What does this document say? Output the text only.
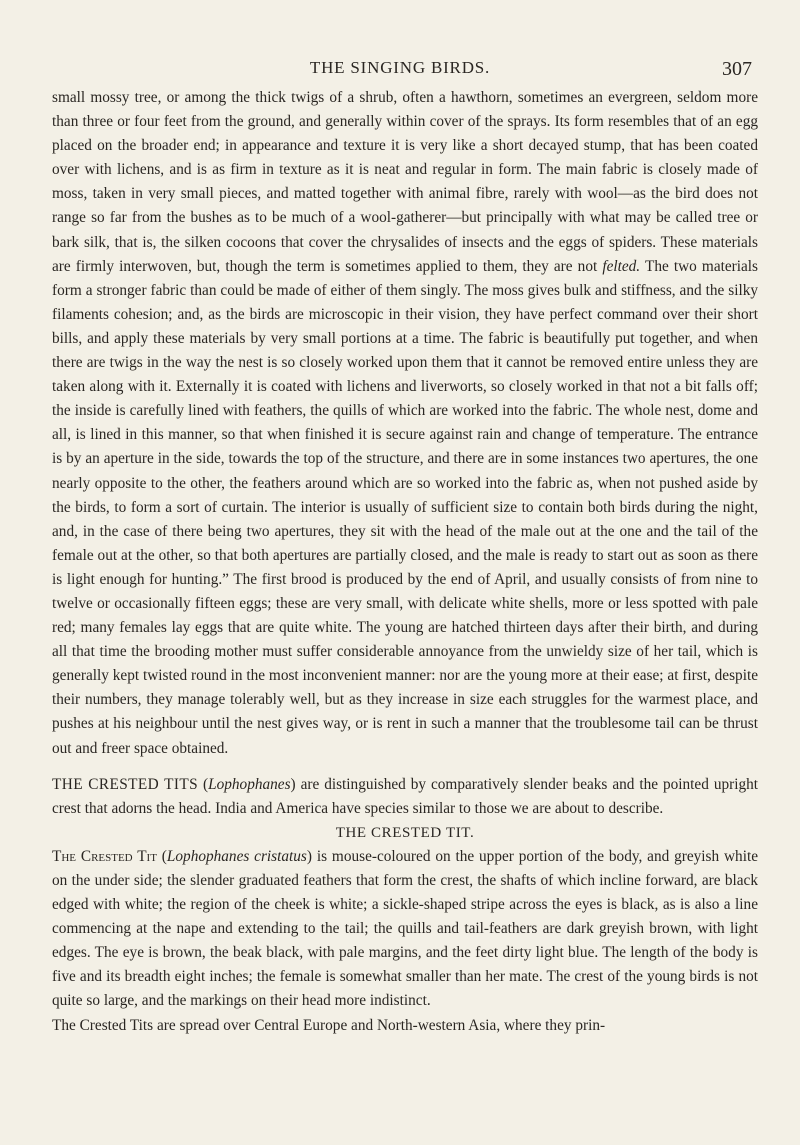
THE SINGING BIRDS.	307

small mossy tree, or among the thick twigs of a shrub, often a hawthorn, sometimes an evergreen, seldom more than three or four feet from the ground, and generally within cover of the sprays. Its form resembles that of an egg placed on the broader end; in appearance and texture it is very like a short decayed stump, that has been coated over with lichens, and is as firm in texture as it is neat and regular in form. The main fabric is closely made of moss, taken in very small pieces, and matted together with animal fibre, rarely with wool—as the bird does not range so far from the bushes as to be much of a wool-gatherer—but principally with what may be called tree or bark silk, that is, the silken cocoons that cover the chrysalides of insects and the eggs of spiders. These materials are firmly interwoven, but, though the term is sometimes applied to them, they are not felted. The two materials form a stronger fabric than could be made of either of them singly. The moss gives bulk and stiffness, and the silky filaments cohesion; and, as the birds are microscopic in their vision, they have perfect command over their short bills, and apply these materials by very small portions at a time. The fabric is beautifully put together, and when there are twigs in the way the nest is so closely worked upon them that it cannot be removed entire unless they are taken along with it. Externally it is coated with lichens and liverworts, so closely worked in that not a bit falls off; the inside is carefully lined with feathers, the quills of which are worked into the fabric. The whole nest, dome and all, is lined in this manner, so that when finished it is secure against rain and change of temperature. The entrance is by an aperture in the side, towards the top of the structure, and there are in some instances two apertures, the one nearly opposite to the other, the feathers around which are so worked into the fabric as, when not pushed aside by the birds, to form a sort of curtain. The interior is usually of sufficient size to contain both birds during the night, and, in the case of there being two apertures, they sit with the head of the male out at the one and the tail of the female out at the other, so that both apertures are partially closed, and the male is ready to start out as soon as there is light enough for hunting.” The first brood is produced by the end of April, and usually consists of from nine to twelve or occasionally fifteen eggs; these are very small, with delicate white shells, more or less spotted with pale red; many females lay eggs that are quite white. The young are hatched thirteen days after their birth, and during all that time the brooding mother must suffer considerable annoyance from the unwieldy size of her tail, which is generally kept twisted round in the most inconvenient manner: nor are the young more at their ease; at first, despite their numbers, they manage tolerably well, but as they increase in size each struggles for the warmest place, and pushes at his neighbour until the nest gives way, or is rent in such a manner that the troublesome tail can be thrust out and freer space obtained.

THE CRESTED TITS (Lophophanes) are distinguished by comparatively slender beaks and the pointed upright crest that adorns the head. India and America have species similar to those we are about to describe.

THE CRESTED TIT.

The Crested Tit (Lophophanes cristatus) is mouse-coloured on the upper portion of the body, and greyish white on the under side; the slender graduated feathers that form the crest, the shafts of which incline forward, are black edged with white; the region of the cheek is white; a sickle-shaped stripe across the eyes is black, as is also a line commencing at the nape and extending to the tail; the quills and tail-feathers are dark greyish brown, with light edges. The eye is brown, the beak black, with pale margins, and the feet dirty light blue. The length of the body is five and its breadth eight inches; the female is somewhat smaller than her mate. The crest of the young birds is not quite so large, and the markings on their head more indistinct.

The Crested Tits are spread over Central Europe and North-western Asia, where they prin-
